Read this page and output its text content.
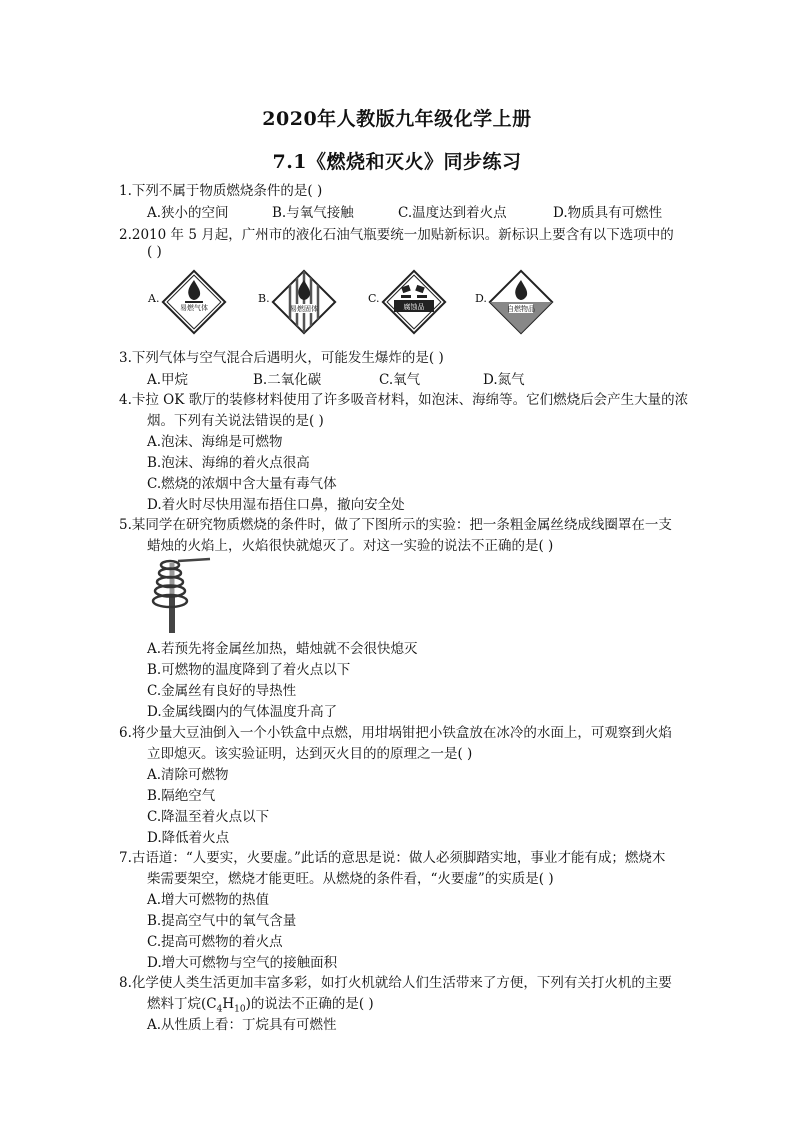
2020年人教版九年级化学上册
7.1《燃烧和灭火》同步练习
1.下列不属于物质燃烧条件的是( )
A.狭小的空间	B.与氧气接触	C.温度达到着火点	D.物质具有可燃性
2.2010 年 5 月起，广州市的液化石油气瓶要统一加贴新标识。新标识上要含有以下选项中的
( )
A.
易燃气体
B.
易燃固体
C.
腐蚀品
D.
自燃物品
3.下列气体与空气混合后遇明火，可能发生爆炸的是( )
A.甲烷	B.二氧化碳	C.氧气	D.氮气
4.卡拉 OK 歌厅的装修材料使用了许多吸音材料，如泡沫、海绵等。它们燃烧后会产生大量的浓
烟。下列有关说法错误的是( )
A.泡沫、海绵是可燃物
B.泡沫、海绵的着火点很高
C.燃烧的浓烟中含大量有毒气体
D.着火时尽快用湿布捂住口鼻，撤向安全处
5.某同学在研究物质燃烧的条件时，做了下图所示的实验：把一条粗金属丝绕成线圈罩在一支
蜡烛的火焰上，火焰很快就熄灭了。对这一实验的说法不正确的是( )
A.若预先将金属丝加热，蜡烛就不会很快熄灭
B.可燃物的温度降到了着火点以下
C.金属丝有良好的导热性
D.金属线圈内的气体温度升高了
6.将少量大豆油倒入一个小铁盒中点燃，用坩埚钳把小铁盒放在冰冷的水面上，可观察到火焰
立即熄灭。该实验证明，达到灭火目的的原理之一是( )
A.清除可燃物
B.隔绝空气
C.降温至着火点以下
D.降低着火点
7.古语道：“人要实，火要虚。”此话的意思是说：做人必须脚踏实地，事业才能有成；燃烧木
柴需要架空，燃烧才能更旺。从燃烧的条件看，“火要虚”的实质是( )
A.增大可燃物的热值
B.提高空气中的氧气含量
C.提高可燃物的着火点
D.增大可燃物与空气的接触面积
8.化学使人类生活更加丰富多彩，如打火机就给人们生活带来了方便，下列有关打火机的主要
燃料丁烷$(C_4H_{10})$的说法不正确的是( )
A.从性质上看：丁烷具有可燃性
